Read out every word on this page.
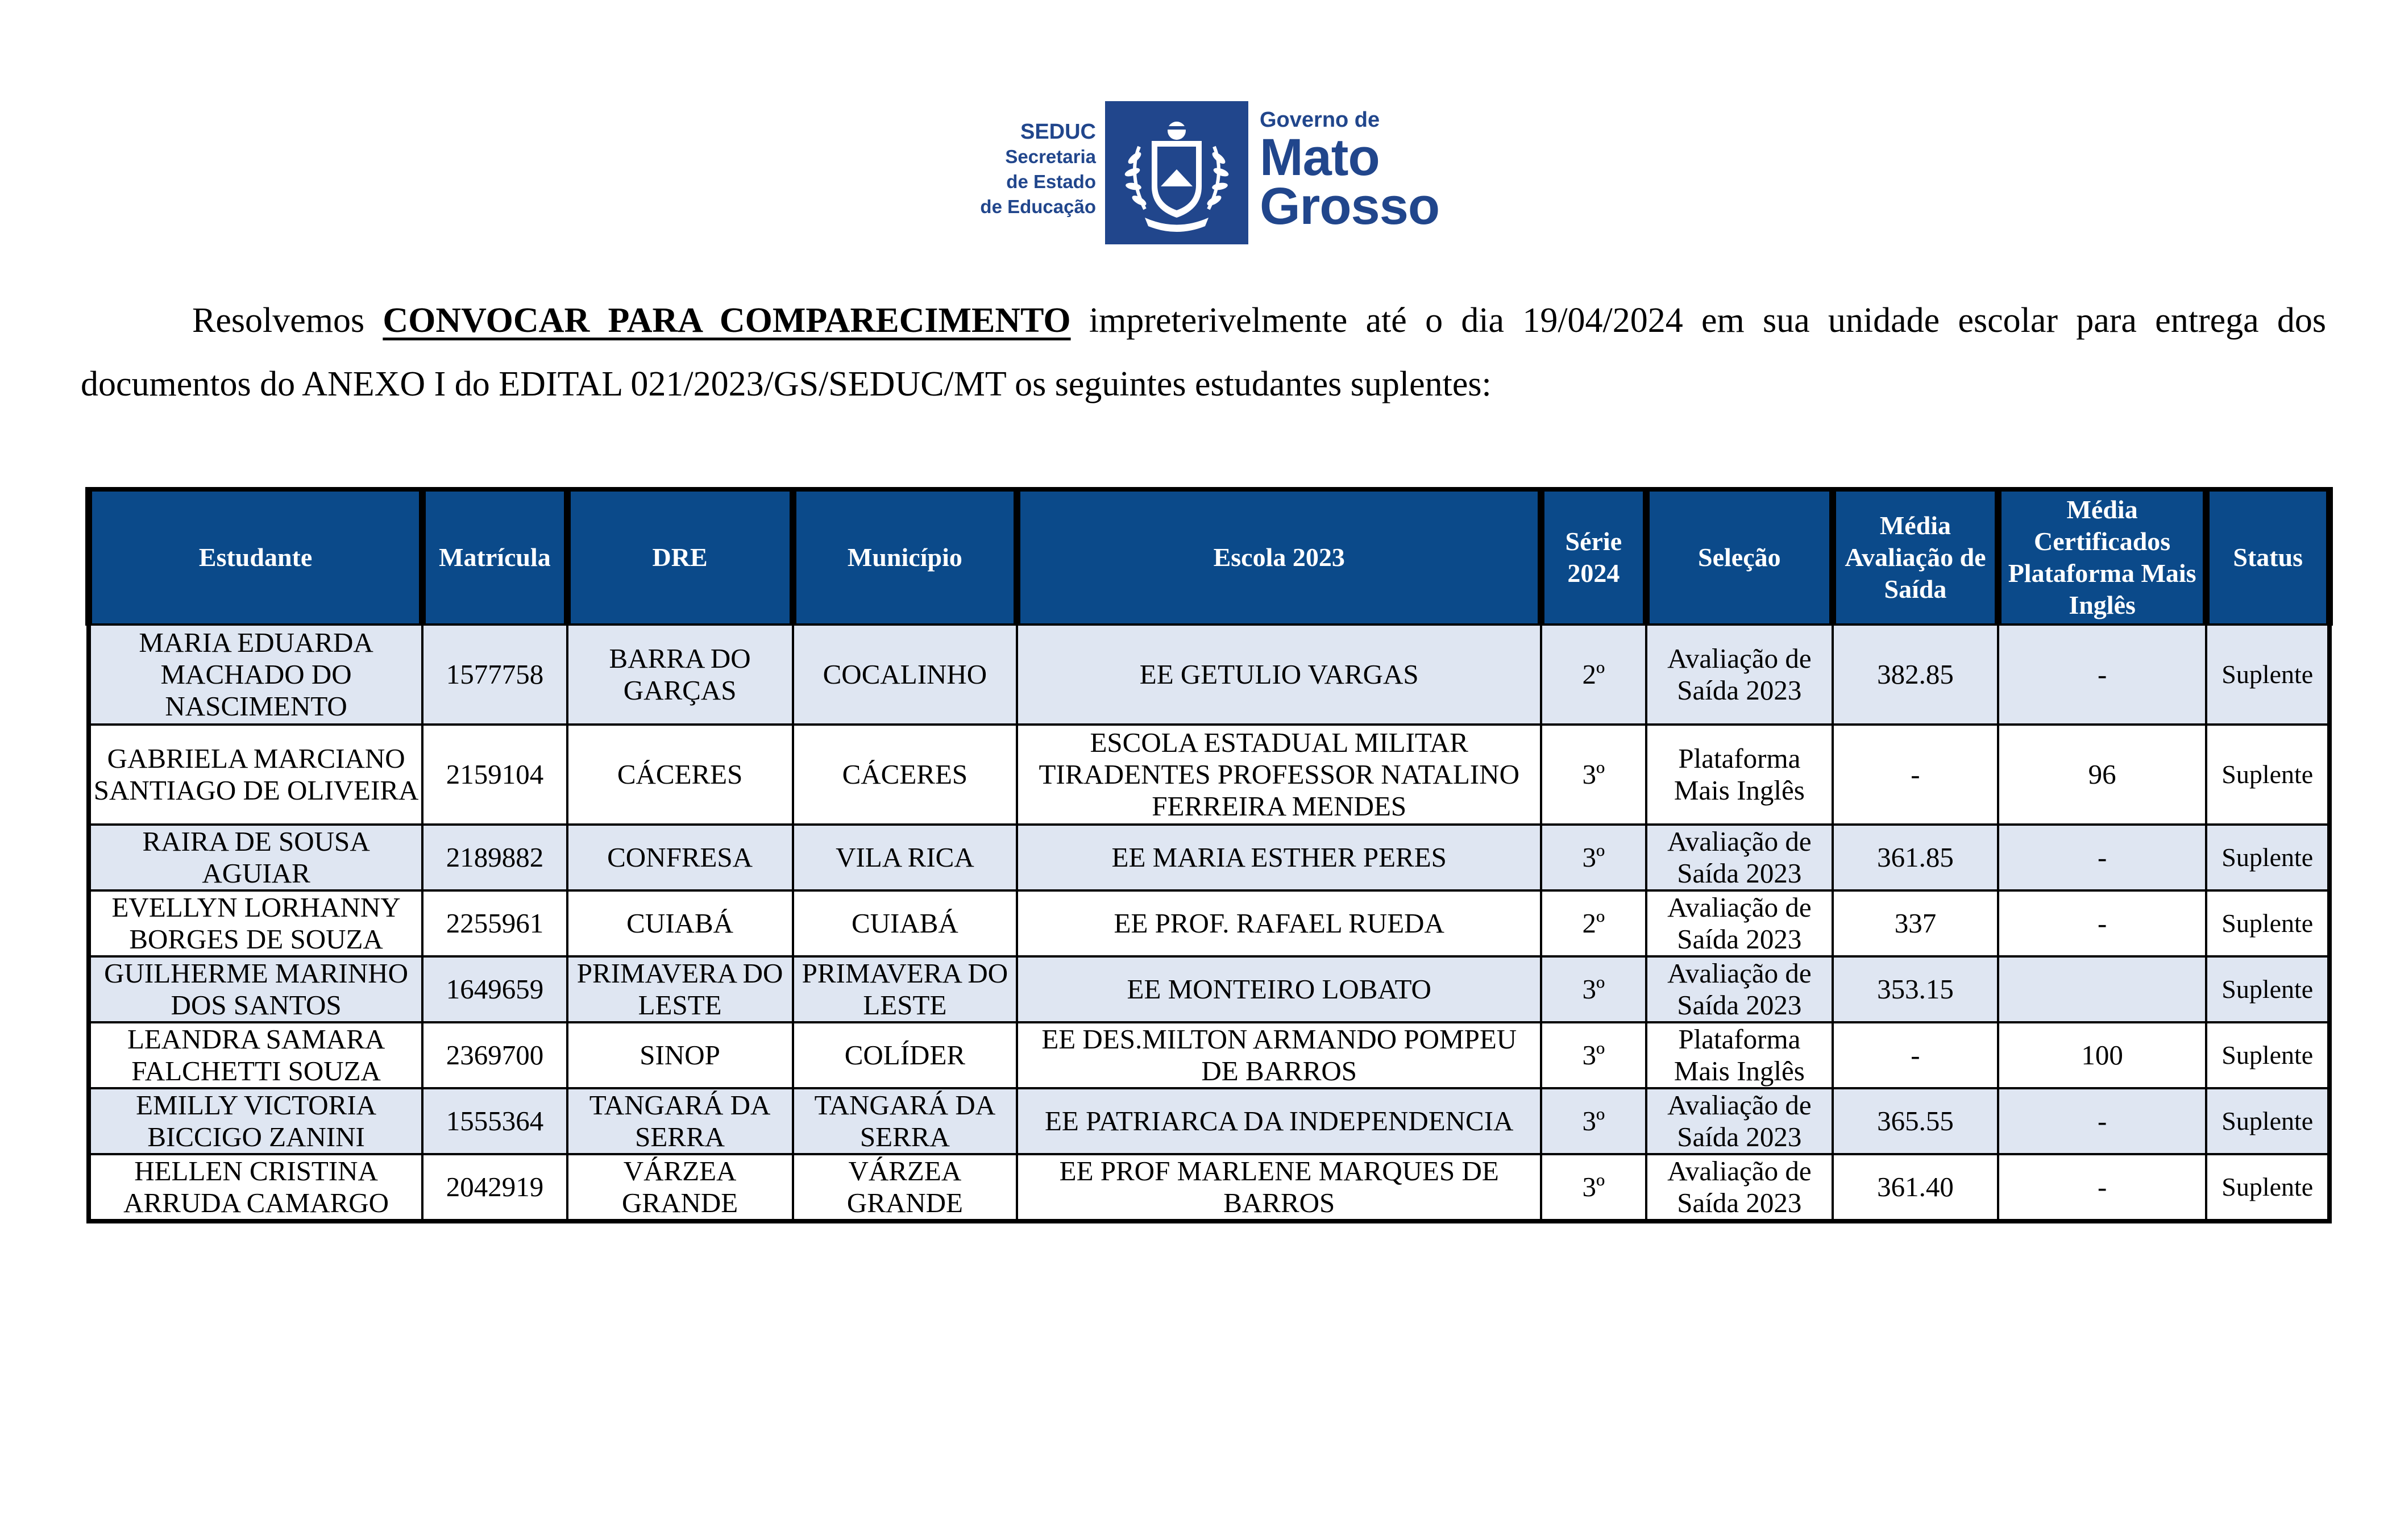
SEDUC
Secretaria
de Estado
de Educação
Governo de
Mato
Grosso
Resolvemos CONVOCAR PARA COMPARECIMENTO impreterivelmente até o dia 19/04/2024 em sua unidade escolar para entrega dos documentos do ANEXO I do EDITAL 021/2023/GS/SEDUC/MT os seguintes estudantes suplentes:
Estudante	Matrícula	DRE	Município	Escola 2023	Série 2024	Seleção	Média Avaliação de Saída	Média Certificados Plataforma Mais Inglês	Status
MARIA EDUARDA MACHADO DO NASCIMENTO	1577758	BARRA DO GARÇAS	COCALINHO	EE GETULIO VARGAS	2º	Avaliação de Saída 2023	382.85	-	Suplente
GABRIELA MARCIANO SANTIAGO DE OLIVEIRA	2159104	CÁCERES	CÁCERES	ESCOLA ESTADUAL MILITAR TIRADENTES PROFESSOR NATALINO FERREIRA MENDES	3º	Plataforma Mais Inglês	-	96	Suplente
RAIRA DE SOUSA AGUIAR	2189882	CONFRESA	VILA RICA	EE MARIA ESTHER PERES	3º	Avaliação de Saída 2023	361.85	-	Suplente
EVELLYN LORHANNY BORGES DE SOUZA	2255961	CUIABÁ	CUIABÁ	EE PROF. RAFAEL RUEDA	2º	Avaliação de Saída 2023	337	-	Suplente
GUILHERME MARINHO DOS SANTOS	1649659	PRIMAVERA DO LESTE	PRIMAVERA DO LESTE	EE MONTEIRO LOBATO	3º	Avaliação de Saída 2023	353.15		Suplente
LEANDRA SAMARA FALCHETTI SOUZA	2369700	SINOP	COLÍDER	EE DES.MILTON ARMANDO POMPEU DE BARROS	3º	Plataforma Mais Inglês	-	100	Suplente
EMILLY VICTORIA BICCIGO ZANINI	1555364	TANGARÁ DA SERRA	TANGARÁ DA SERRA	EE PATRIARCA DA INDEPENDENCIA	3º	Avaliação de Saída 2023	365.55	-	Suplente
HELLEN CRISTINA ARRUDA CAMARGO	2042919	VÁRZEA GRANDE	VÁRZEA GRANDE	EE PROF MARLENE MARQUES DE BARROS	3º	Avaliação de Saída 2023	361.40	-	Suplente
